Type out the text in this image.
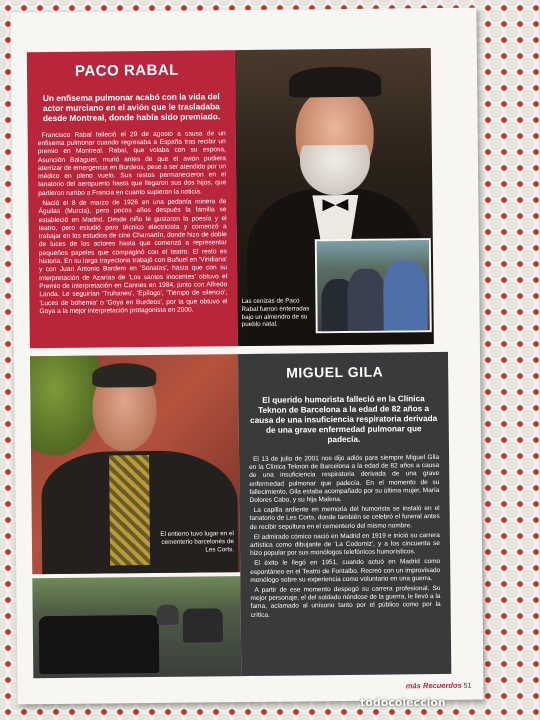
PACO RABAL

Un enfisema pulmonar acabó con la vida del actor murciano en el avión que le trasladaba desde Montreal, donde había sido premiado.

Francisco Rabal falleció el 29 de agosto a causa de un enfisema pulmonar cuando regresaba a España tras recibir un premio en Montreal. Rabal, que volaba con su esposa, Asunción Balaguer, murió antes de que el avión pudiera aterrizar de emergencia en Burdeos, pese a ser atendido por un médico en pleno vuelo. Sus restos permanecieron en el tanatorio del aeropuerto hasta que llegaron sus dos hijos, que partieron rumbo a Francia en cuanto supieron la noticia.

Nació el 8 de marzo de 1926 en una pedanía minera de Águilas (Murcia), pero pocos años después la familia se estableció en Madrid. Desde niño le gustaron la poesía y el teatro, pero estudió para técnico electricista y comenzó a trabajar en los estudios de cine Chamartín, donde hizo de doble de luces de los actores hasta que comenzó a representar pequeños papeles que compaginó con el teatro. El resto es historia. En su larga trayectoria trabajó con Buñuel en 'Viridiana' y con Juan Antonio Bardem en 'Sonatas', hasta que con su interpretación de Azarías de 'Los santos inocentes' obtuvo el Premio de interpretación en Cannes en 1984, junto con Alfredo Landa. Le seguirían 'Truhanes', 'Epílogo', 'Tiempo de silencio', 'Luces de bohemia' o 'Goya en Burdeos', por la que obtuvo el Goya a la mejor interpretación protagonista en 2000.

Las cenizas de Paco Rabal fueron enterradas bajo un almendro de su pueblo natal.
El entierro tuvo lugar en el cementerio barcelonés de Les Corts.
MIGUEL GILA

El querido humorista falleció en la Clínica Teknon de Barcelona a la edad de 82 años a causa de una insuficiencia respiratoria derivada de una grave enfermedad pulmonar que padecía.

El 13 de julio de 2001 nos dijo adiós para siempre Miguel Gila en la Clínica Teknon de Barcelona a la edad de 82 años a causa de una insuficiencia respiratoria derivada de una grave enfermedad pulmonar que padecía. En el momento de su fallecimiento, Gila estaba acompañado por su última mujer, María Dolores Cabo, y su hija Malena.

La capilla ardiente en memoria del humorista se instaló en el tanatorio de Les Corts, donde también se celebró el funeral antes de recibir sepultura en el cementerio del mismo nombre.

El admirado cómico nació en Madrid en 1919 e inició su carrera artística como dibujante de 'La Codorniz', y a los cincuenta se hizo popular por sus monólogos telefónicos humorísticos.

El éxito le llegó en 1951, cuando actuó en Madrid como espontáneo en el Teatro de Fontalbo. Recreó con un improvisado monólogo sobre su experiencia como voluntario en una guerra.

A partir de ese momento despegó su carrera profesional. Su mejor personaje, el del soldado riéndose de la guerra, le llevó a la fama, aclamado al unísono tanto por el público como por la crítica.

más Recuerdos 51
todocoleccion
